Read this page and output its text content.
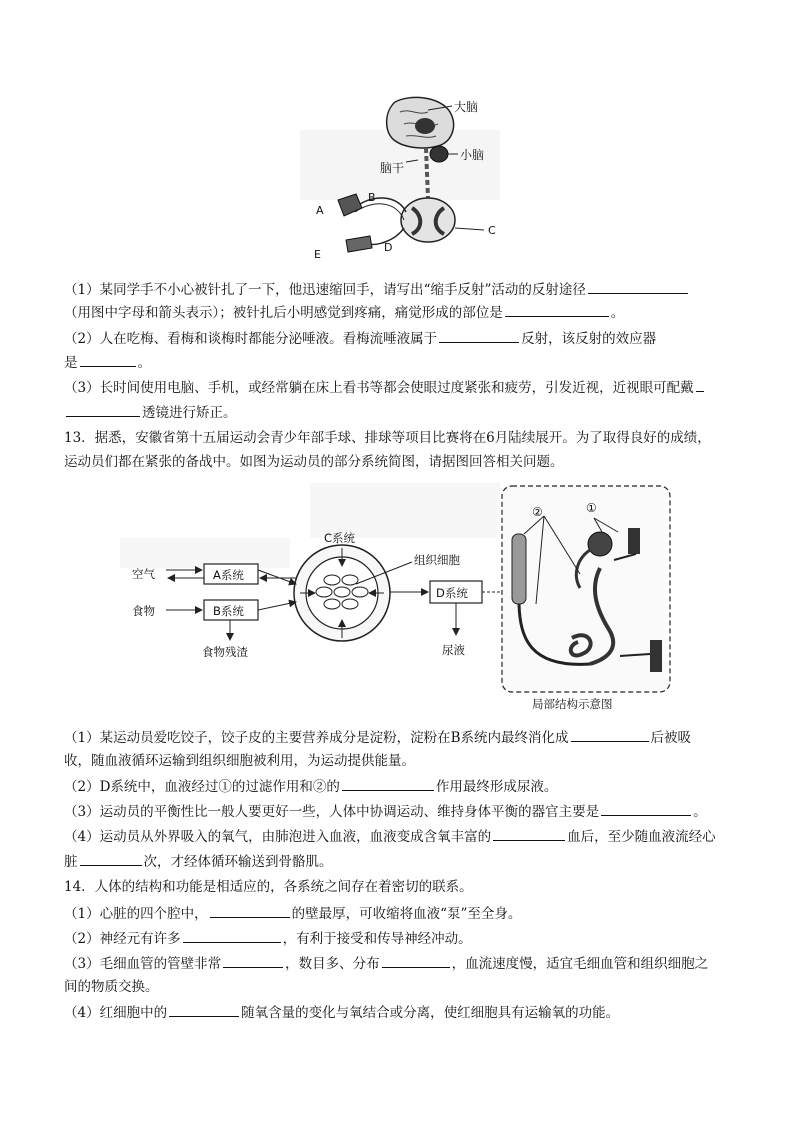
大脑
小脑
脑干
A
B
C
D
E
（1）某同学手不小心被针扎了一下，他迅速缩回手，请写出“缩手反射”活动的反射途径
（用图中字母和箭头表示）；被针扎后小明感觉到疼痛，痛觉形成的部位是	。
（2）人在吃梅、看梅和谈梅时都能分泌唾液。看梅流唾液属于	反射，该反射的效应器
是	。
（3）长时间使用电脑、手机，或经常躺在床上看书等都会使眼过度紧张和疲劳，引发近视，近视眼可配戴
透镜进行矫正。
13．据悉，安徽省第十五届运动会青少年部手球、排球等项目比赛将在6月陆续展开。为了取得良好的成绩，
运动员们都在紧张的备战中。如图为运动员的部分系统简图，请据图回答相关问题。
C系统
组织细胞
空气
食物
A系统
B系统
D系统
食物残渣	尿液
局部结构示意图
②	①
（1）某运动员爱吃饺子，饺子皮的主要营养成分是淀粉，淀粉在B系统内最终消化成	后被吸
收，随血液循环运输到组织细胞被利用，为运动提供能量。
（2）D系统中，血液经过①的过滤作用和②的	作用最终形成尿液。
（3）运动员的平衡性比一般人要更好一些，人体中协调运动、维持身体平衡的器官主要是	。
（4）运动员从外界吸入的氧气，由肺泡进入血液，血液变成含氧丰富的	血后，至少随血液流经心
脏	次，才经体循环输送到骨骼肌。
14．人体的结构和功能是相适应的，各系统之间存在着密切的联系。
（1）心脏的四个腔中，	的壁最厚，可收缩将血液“泵”至全身。
（2）神经元有许多	，有利于接受和传导神经冲动。
（3）毛细血管的管壁非常	，数目多、分布	，血流速度慢，适宜毛细血管和组织细胞之
间的物质交换。
（4）红细胞中的	随氧含量的变化与氧结合或分离，使红细胞具有运输氧的功能。
